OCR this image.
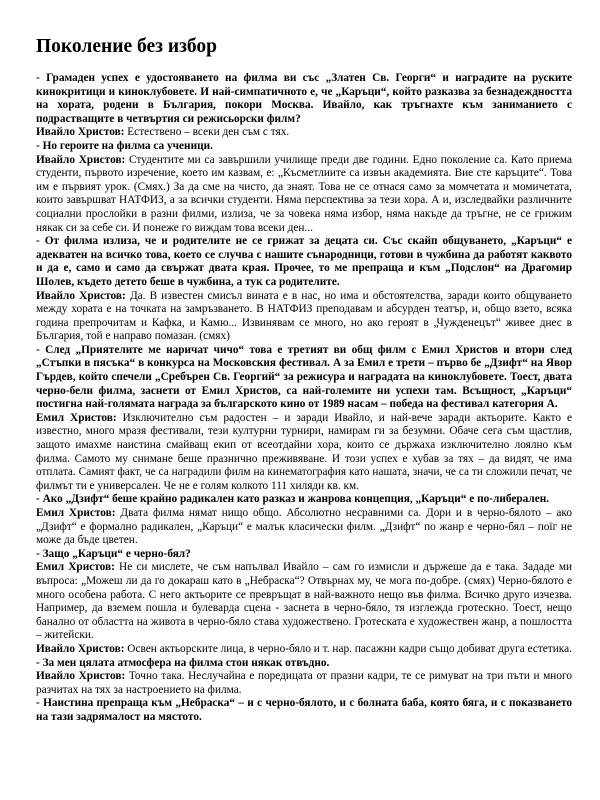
Поколение без избор

- Грамаден успех е удостояването на филма ви със „Златен Св. Георги“ и наградите на руските кинокритици и киноклубовете. И най-симпатичното е, че „Каръци“, който разказва за безнадеждността на хората, родени в България, покори Москва. Ивайло, как тръгнахте към заниманието с подрастващите в четвъртия си режисьорски филм?

Ивайло Христов: Естествено – всеки ден съм с тях.

- Но героите на филма са ученици.

Ивайло Христов: Студентите ми са завършили училище преди две години. Едно поколение са. Като приема студенти, първото изречение, което им казвам, е: „Късметлиите са извън академията. Вие сте каръците“. Това им е първият урок. (Смях.) За да сме на чисто, да знаят. Това не се отнася само за момчетата и момичетата, които завършват НАТФИЗ, а за всички студенти. Няма перспектива за тези хора. А и, изследвайки различните социални прослойки в разни филми, излиза, че за човека няма избор, няма накъде да тръгне, не се грижим някак си за себе си. И понеже го виждам това всеки ден...

- От филма излиза, че и родителите не се грижат за децата си. Със скайп общуването, „Каръци“ е адекватен на всичко това, което се случва с нашите сънародници, готови в чужбина да работят каквото и да е, само и само да свържат двата края. Прочее, то ме препраща и към „Подслон“ на Драгомир Шолев, където детето беше в чужбина, а тук са родителите.

Ивайло Христов: Да. В известен смисъл вината е в нас, но има и обстоятелства, заради които общуването между хората е на точката на замръзването. В НАТФИЗ преподавам и абсурден театър, и, общо взето, всяка година препрочитам и Кафка, и Камю... Извинявам се много, но ако героят в „Чужденецът“ живее днес в България, той е направо помазан. (смях)

- След „Приятелите ме наричат чичо“ това е третият ви общ филм с Емил Христов и втори след „Стъпки в пясъка“ в конкурса на Московския фестивал. А за Емил е трети – първо бе „Дзифт“ на Явор Гърдев, който спечели „Сребърен Св. Георгий“ за режисура и наградата на киноклубовете. Тоест, двата черно-бели филма, заснети от Емил Христов, са най-големите ни успехи там. Всъщност, „Каръци“ постигна най-голямата награда за българското кино от 1989 насам – победа на фестивал категория А.

Емил Христов: Изключително съм радостен – и заради Ивайло, и най-вече заради актьорите. Както е известно, много мразя фестивали, тези културни турнири, намирам ги за безумни. Обаче сега съм щастлив, защото имахме наистина смайващ екип от всеотдайни хора, които се държаха изключително лоялно към филма. Самото му снимане беше празнично преживяване. И този успех е хубав за тях – да видят, че има отплата. Самият факт, че са наградили филм на кинематография като нашата, значи, че са ти сложили печат, че филмът ти е универсален. Че не е голям колкото 111 хиляди кв. км.

- Ако „Дзифт“ беше крайно радикален като разказ и жанрова концепция, „Каръци“ е по-либерален.

Емил Христов: Двата филма нямат нищо общо. Абсолютно несравними са. Дори и в черно-бялото – ако „Дзифт“ е формално радикален, „Каръци“ е малък класически филм. „Дзифт“ по жанр е черно-бял – поїг не може да бъде цветен.

- Защо „Каръци“ е черно-бял?

Емил Христов: Не си мислете, че съм напълвал Ивайло – сам го измисли и държеше да е така. Зададе ми въпроса: „Можеш ли да го докараш като в „Небраска“? Отвърнах му, че мога по-добре. (смях) Черно-бялото е много особена работа. С него актьорите се превръщат в най-важното нещо във филма. Всичко друго изчезва. Например, да вземем пошла и булеварда сцена - заснета в черно-бяло, тя изглежда гротескно. Тоест, нещо банално от областта на живота в черно-бяло става художествено. Гротеската е художествен жанр, а пошлостта – житейски.

Ивайло Христов: Освен актьорските лица, в черно-бяло и т. нар. пасажни кадри също добиват друга естетика.

- За мен цялата атмосфера на филма стои някак отвъдно.

Ивайло Христов: Точно така. Неслучайна е поредицата от празни кадри, те се римуват на три пъти и много разчитах на тях за настроението на филма.

- Наистина препраща към „Небраска“ – и с черно-бялото, и с болната баба, която бяга, и с показването на тази задрямалост на мястото.
